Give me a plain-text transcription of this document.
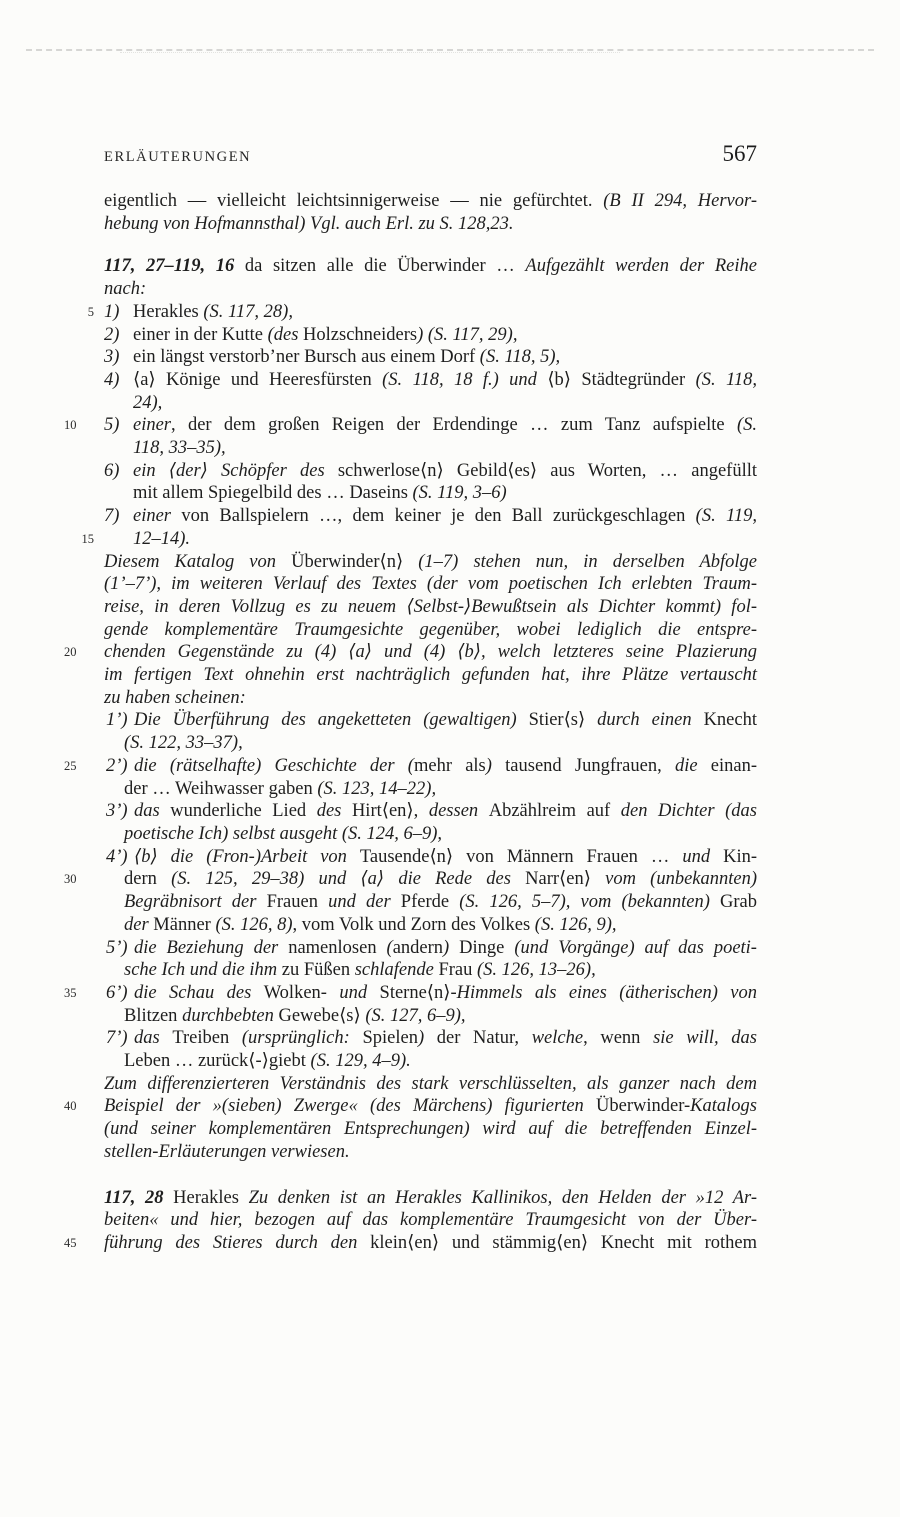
ERLÄUTERUNGEN	567
eigentlich — vielleicht leichtsinnigerweise — nie gefürchtet. (B II 294, Hervor-
hebung von Hofmannsthal) Vgl. auch Erl. zu S. 128,23.
117, 27–119, 16 da sitzen alle die Überwinder … Aufgezählt werden der Reihe
nach:
5 1) Herakles (S. 117, 28),
2) einer in der Kutte (des Holzschneiders) (S. 117, 29),
3) ein längst verstorb’ner Bursch aus einem Dorf (S. 118, 5),
4) ⟨a⟩ Könige und Heeresfürsten (S. 118, 18 f.) und ⟨b⟩ Städtegründer (S. 118,
24),
10	5) einer, der dem großen Reigen der Erdendinge … zum Tanz aufspielte (S.
118, 33–35),
6) ein ⟨der⟩ Schöpfer des schwerlose⟨n⟩ Gebild⟨es⟩ aus Worten, … angefüllt
mit allem Spiegelbild des … Daseins (S. 119, 3–6)
7) einer von Ballspielern …, dem keiner je den Ball zurückgeschlagen (S. 119,
15 12–14).
Diesem Katalog von Überwinder⟨n⟩ (1–7) stehen nun, in derselben Abfolge
(1’–7’), im weiteren Verlauf des Textes (der vom poetischen Ich erlebten Traum-
reise, in deren Vollzug es zu neuem ⟨Selbst-⟩Bewußtsein als Dichter kommt) fol-
gende komplementäre Traumgesichte gegenüber, wobei lediglich die entspre-
20	chenden Gegenstände zu (4) ⟨a⟩ und (4) ⟨b⟩, welch letzteres seine Plazierung
im fertigen Text ohnehin erst nachträglich gefunden hat, ihre Plätze vertauscht
zu haben scheinen:
1’) Die Überführung des angeketteten (gewaltigen) Stier⟨s⟩ durch einen Knecht
(S. 122, 33–37),
25	2’) die (rätselhafte) Geschichte der (mehr als) tausend Jungfrauen, die einan-
der … Weihwasser gaben (S. 123, 14–22),
3’) das wunderliche Lied des Hirt⟨en⟩, dessen Abzählreim auf den Dichter (das
poetische Ich) selbst ausgeht (S. 124, 6–9),
4’) ⟨b⟩ die (Fron-)Arbeit von Tausende⟨n⟩ von Männern Frauen … und Kin-
30	dern (S. 125, 29–38) und ⟨a⟩ die Rede des Narr⟨en⟩ vom (unbekannten)
Begräbnisort der Frauen und der Pferde (S. 126, 5–7), vom (bekannten) Grab
der Männer (S. 126, 8), vom Volk und Zorn des Volkes (S. 126, 9),
5’) die Beziehung der namenlosen (andern) Dinge (und Vorgänge) auf das poeti-
sche Ich und die ihm zu Füßen schlafende Frau (S. 126, 13–26),
35	6’) die Schau des Wolken- und Sterne⟨n⟩-Himmels als eines (ätherischen) von
Blitzen durchbebten Gewebe⟨s⟩ (S. 127, 6–9),
7’) das Treiben (ursprünglich: Spielen) der Natur, welche, wenn sie will, das
Leben … zurück⟨-⟩giebt (S. 129, 4–9).
Zum differenzierteren Verständnis des stark verschlüsselten, als ganzer nach dem
40	Beispiel der »(sieben) Zwerge« (des Märchens) figurierten Überwinder-Katalogs
(und seiner komplementären Entsprechungen) wird auf die betreffenden Einzel-
stellen-Erläuterungen verwiesen.
117, 28 Herakles Zu denken ist an Herakles Kallinikos, den Helden der »12 Ar-
beiten« und hier, bezogen auf das komplementäre Traumgesicht von der Über-
45	führung des Stieres durch den klein⟨en⟩ und stämmig⟨en⟩ Knecht mit rothem
